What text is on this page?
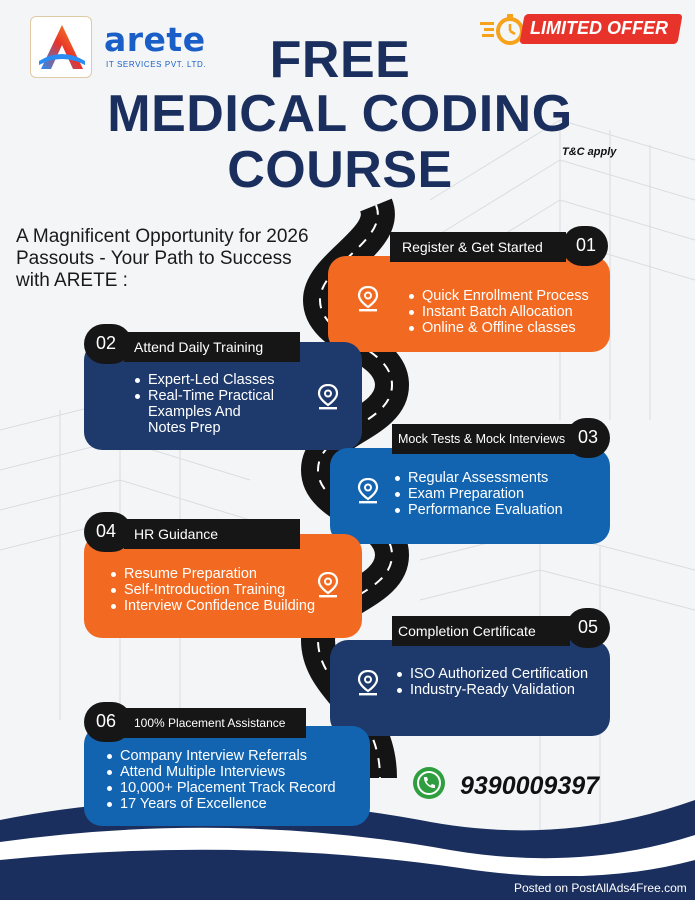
arete
IT SERVICES PVT. LTD.
LIMITED OFFER
FREE
MEDICAL CODING
COURSE	T&C apply
A Magnificent Opportunity for 2026 Passouts - Your Path to Success with ARETE :
Quick Enrollment Process
Instant Batch Allocation
Online & Offline classes
Register & Get Started	01
Expert-Led Classes
Real-Time Practical Examples And Notes Prep
02	Attend Daily Training
Regular Assessments
Exam Preparation
Performance Evaluation
Mock Tests & Mock Interviews 03
Resume Preparation
Self-Introduction Training
Interview Confidence Building
04	HR Guidance
ISO Authorized Certification
Industry-Ready Validation
Completion Certificate	05
Company Interview Referrals
Attend Multiple Interviews
10,000+ Placement Track Record
17 Years of Excellence
06	100% Placement Assistance
9390009397
Posted on PostAllAds4Free.com
